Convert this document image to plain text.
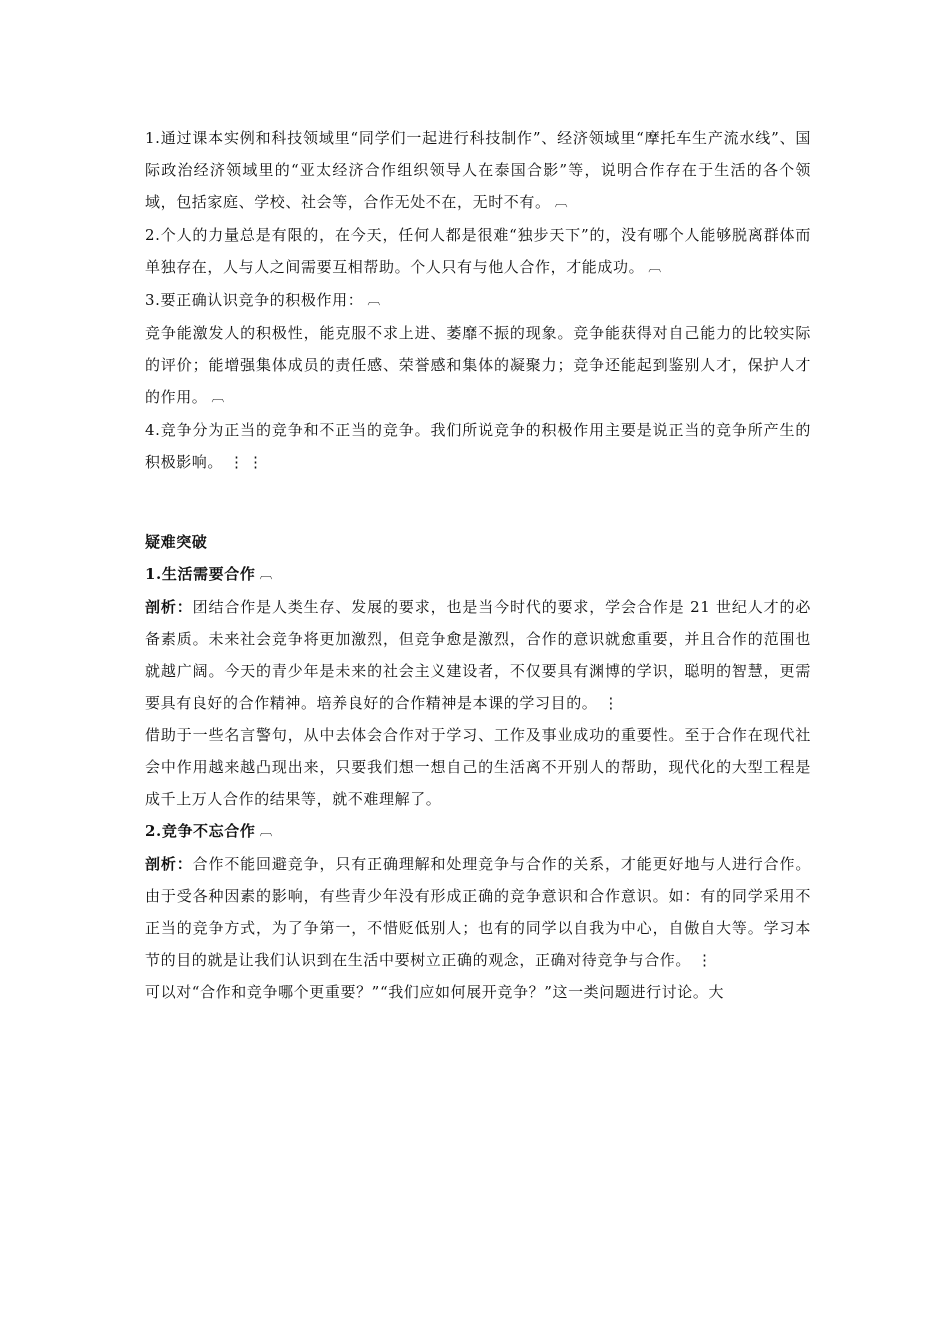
1.通过课本实例和科技领域里“同学们一起进行科技制作”、经济领域里“摩托车生产流水线”、国际政治经济领域里的“亚太经济合作组织领导人在泰国合影”等，说明合作存在于生活的各个领域，包括家庭、学校、社会等，合作无处不在，无时不有。 ︹

2.个人的力量总是有限的，在今天，任何人都是很难“独步天下”的，没有哪个人能够脱离群体而单独存在，人与人之间需要互相帮助。个人只有与他人合作，才能成功。 ︹

3.要正确认识竞争的积极作用： ︹

竞争能激发人的积极性，能克服不求上进、萎靡不振的现象。竞争能获得对自己能力的比较实际的评价；能增强集体成员的责任感、荣誉感和集体的凝聚力；竞争还能起到鉴别人才，保护人才的作用。 ︹

4.竞争分为正当的竞争和不正当的竞争。我们所说竞争的积极作用主要是说正当的竞争所产生的积极影响。 ⋮⋮

疑难突破

1.生活需要合作 ︹

剖析：团结合作是人类生存、发展的要求，也是当今时代的要求，学会合作是 21 世纪人才的必备素质。未来社会竞争将更加激烈，但竞争愈是激烈，合作的意识就愈重要，并且合作的范围也就越广阔。今天的青少年是未来的社会主义建设者，不仅要具有渊博的学识，聪明的智慧，更需要具有良好的合作精神。培养良好的合作精神是本课的学习目的。 ⋮

借助于一些名言警句，从中去体会合作对于学习、工作及事业成功的重要性。至于合作在现代社会中作用越来越凸现出来，只要我们想一想自己的生活离不开别人的帮助，现代化的大型工程是成千上万人合作的结果等，就不难理解了。

2.竞争不忘合作 ︹

剖析：合作不能回避竞争，只有正确理解和处理竞争与合作的关系，才能更好地与人进行合作。由于受各种因素的影响，有些青少年没有形成正确的竞争意识和合作意识。如：有的同学采用不正当的竞争方式，为了争第一，不惜贬低别人；也有的同学以自我为中心，自傲自大等。学习本节的目的就是让我们认识到在生活中要树立正确的观念，正确对待竞争与合作。 ⋮

可以对“合作和竞争哪个更重要？”“我们应如何展开竞争？”这一类问题进行讨论。大
